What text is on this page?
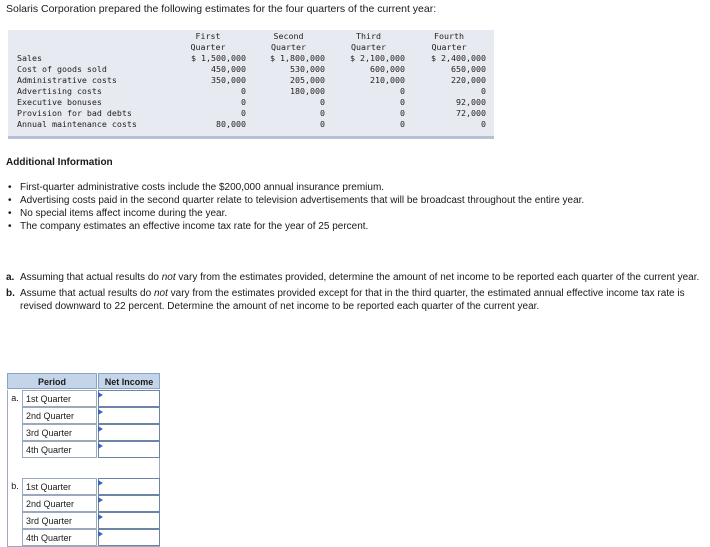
Solaris Corporation prepared the following estimates for the four quarters of the current year:
First	Second	Third	Fourth
Quarter	Quarter	Quarter	Quarter
Sales	$ 1,500,000	$ 1,800,000	$ 2,100,000	$ 2,400,000
Cost of goods sold	450,000	530,000	600,000	650,000
Administrative costs	350,000	205,000	210,000	220,000
Advertising costs	0	180,000	0	0
Executive bonuses	0	0	0	92,000
Provision for bad debts	0	0	0	72,000
Annual maintenance costs	80,000	0	0	0
Additional Information
• First-quarter administrative costs include the $200,000 annual insurance premium.
• Advertising costs paid in the second quarter relate to television advertisements that will be broadcast throughout the entire year.
• No special items affect income during the year.
• The company estimates an effective income tax rate for the year of 25 percent.
a. Assuming that actual results do not vary from the estimates provided, determine the amount of net income to be reported each quarter of the current year.
b. Assume that actual results do not vary from the estimates provided except for that in the third quarter, the estimated annual effective income tax rate is revised downward to 22 percent. Determine the amount of net income to be reported each quarter of the current year.
Period	Net Income
a. 1st Quarter
2nd Quarter
3rd Quarter
4th Quarter
b. 1st Quarter
2nd Quarter
3rd Quarter
4th Quarter
